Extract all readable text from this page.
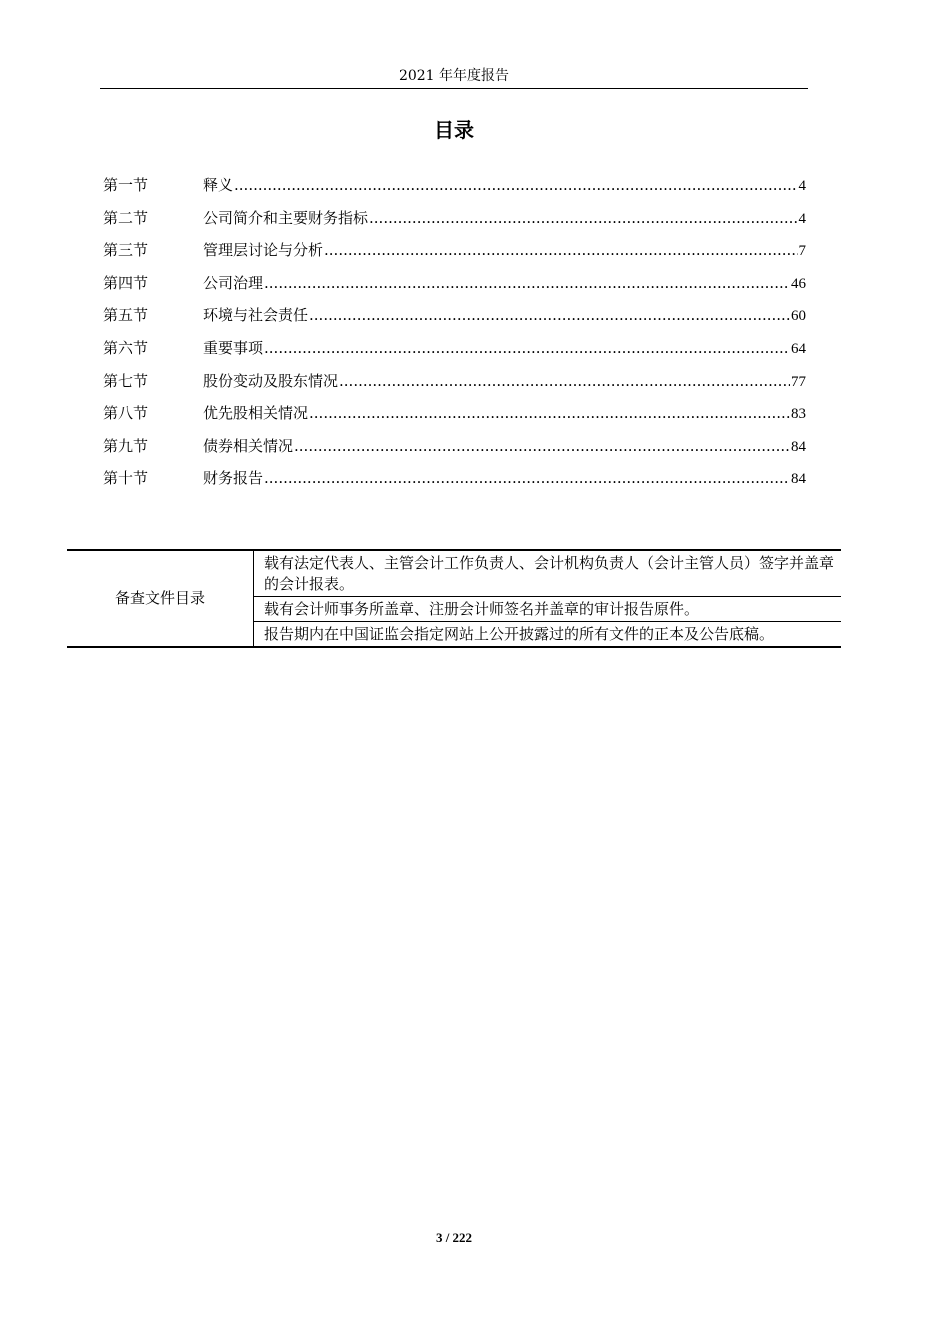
2021 年年度报告
目录
第一节	释义 .....	4
第二节	公司简介和主要财务指标 .....	4
第三节	管理层讨论与分析 .....	7
第四节	公司治理 .....	46
第五节	环境与社会责任 .....	60
第六节	重要事项 .....	64
第七节	股份变动及股东情况 .....	77
第八节	优先股相关情况 .....	83
第九节	债券相关情况 .....	84
第十节	财务报告 .....	84
备查文件目录	载有法定代表人、主管会计工作负责人、会计机构负责人（会计主管人员）签字并盖章的会计报表。
载有会计师事务所盖章、注册会计师签名并盖章的审计报告原件。
报告期内在中国证监会指定网站上公开披露过的所有文件的正本及公告底稿。
3 / 222
